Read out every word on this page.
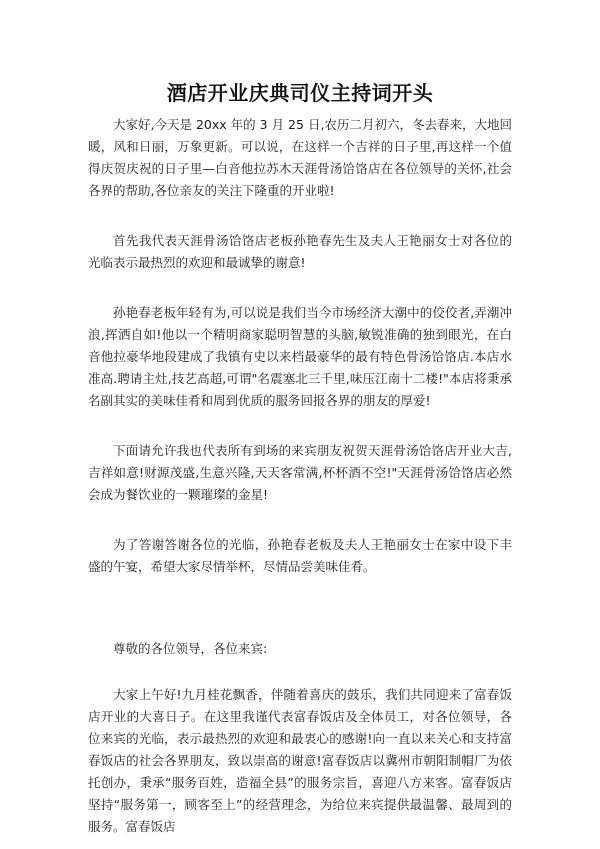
酒店开业庆典司仪主持词开头

大家好,今天是 20xx 年的 3 月 25 日,农历二月初六，冬去春来，大地回暖，风和日丽，万象更新。可以说，在这样一个吉祥的日子里,再这样一个值得庆贺庆祝的日子里—白音他拉苏木天涯骨汤饸饹店在各位领导的关怀,社会各界的帮助,各位亲友的关注下隆重的开业啦!

首先我代表天涯骨汤饸饹店老板孙艳春先生及夫人王艳丽女士对各位的光临表示最热烈的欢迎和最诚挚的谢意!

孙艳春老板年轻有为,可以说是我们当今市场经济大潮中的佼佼者,弄潮冲浪,挥洒自如!他以一个精明商家聪明智慧的头脑,敏锐准确的独到眼光，在白音他拉豪华地段建成了我镇有史以来档最豪华的最有特色骨汤饸饹店.本店水准高.聘请主灶,技艺高超,可谓"名震塞北三千里,味压江南十二楼!"本店将秉承名副其实的美味佳肴和周到优质的服务回报各界的朋友的厚爱!

下面请允许我也代表所有到场的来宾朋友祝贺天涯骨汤饸饹店开业大吉,吉祥如意!财源茂盛,生意兴隆,天天客常满,杯杯酒不空!"天涯骨汤饸饹店必然会成为餐饮业的一颗璀璨的金星!

为了答谢答谢各位的光临，孙艳春老板及夫人王艳丽女士在家中设下丰盛的午宴，希望大家尽情举杯，尽情品尝美味佳肴。

尊敬的各位领导，各位来宾:

大家上午好!九月桂花飘香，伴随着喜庆的鼓乐，我们共同迎来了富春饭店开业的大喜日子。在这里我谨代表富春饭店及全体员工，对各位领导，各位来宾的光临，表示最热烈的欢迎和最衷心的感谢!向一直以来关心和支持富春饭店的社会各界朋友，致以崇高的谢意!富春饭店以冀州市朝阳制帽厂为依托创办，秉承“服务百姓，造福全县”的服务宗旨，喜迎八方来客。富春饭店坚持“服务第一，顾客至上”的经营理念，为给位来宾提供最温馨、最周到的服务。富春饭店
